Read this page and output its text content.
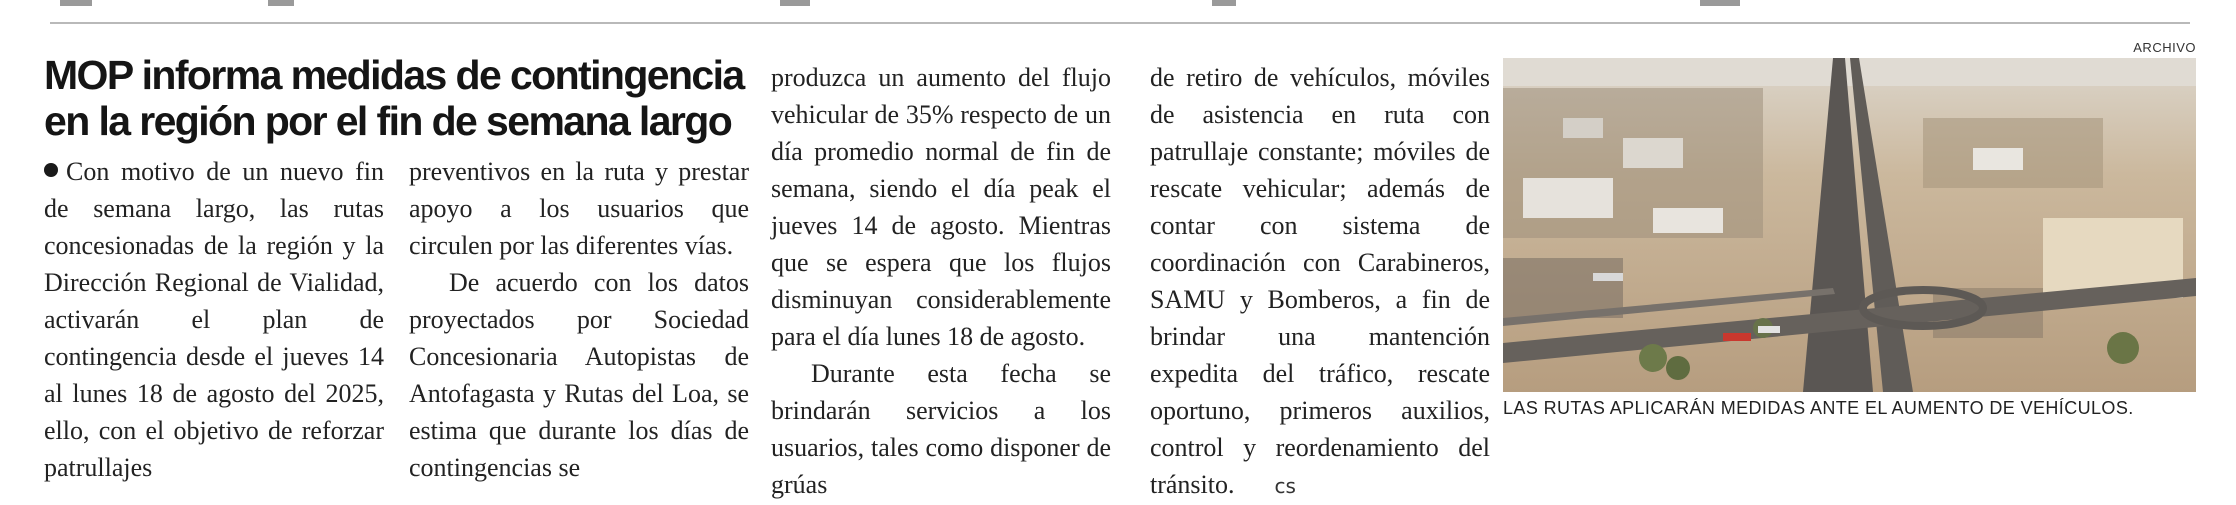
MOP informa medidas de contingencia en la región por el fin de semana largo

Con motivo de un nuevo fin de semana largo, las rutas concesionadas de la región y la Dirección Regional de Vialidad, activarán el plan de contingencia desde el jueves 14 al lunes 18 de agosto del 2025, ello, con el objetivo de reforzar patrullajes

preventivos en la ruta y prestar apoyo a los usuarios que circulen por las diferentes vías.

De acuerdo con los datos proyectados por Sociedad Concesionaria Autopistas de Antofagasta y Rutas del Loa, se estima que durante los días de contingencias se

produzca un aumento del flujo vehicular de 35% respecto de un día promedio normal de fin de semana, siendo el día peak el jueves 14 de agosto. Mientras que se espera que los flujos disminuyan considerablemente para el día lunes 18 de agosto.

Durante esta fecha se brindarán servicios a los usuarios, tales como disponer de grúas

de retiro de vehículos, móviles de asistencia en ruta con patrullaje constante; móviles de rescate vehicular; además de contar con sistema de coordinación con Carabineros, SAMU y Bomberos, a fin de brindar una mantención expedita del tráfico, rescate oportuno, primeros auxilios, control y reordenamiento del tránsito. cs

ARCHIVO
LAS RUTAS APLICARÁN MEDIDAS ANTE EL AUMENTO DE VEHÍCULOS.
